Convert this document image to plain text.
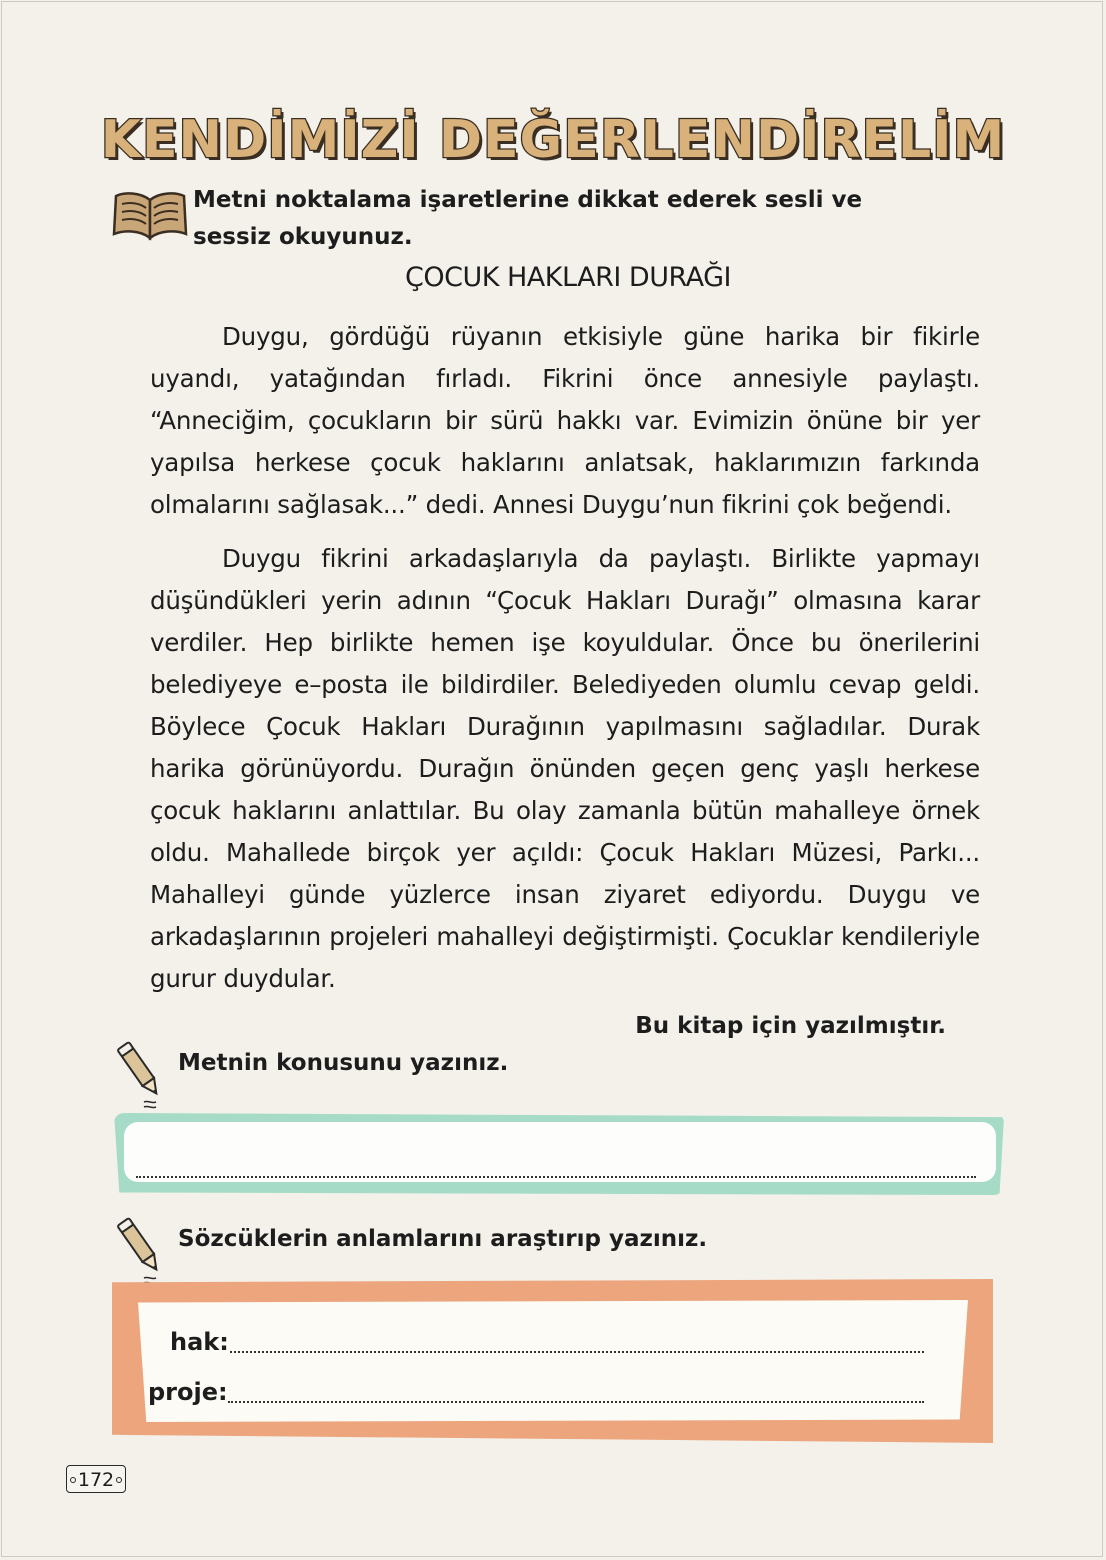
KENDİMİZİ DEĞERLENDİRELİM
Metni noktalama işaretlerine dikkat ederek sesli ve sessiz okuyunuz.
ÇOCUK HAKLARI DURAĞI

Duygu, gördüğü rüyanın etkisiyle güne harika bir fikirle uyandı, yatağından fırladı. Fikrini önce annesiyle paylaştı. “Anneciğim, çocukların bir sürü hakkı var. Evimizin önüne bir yer yapılsa herkese çocuk haklarını anlatsak, haklarımızın farkında olmalarını sağlasak...” dedi. Annesi Duygu’nun fikrini çok beğendi.

Duygu fikrini arkadaşlarıyla da paylaştı. Birlikte yapmayı düşündükleri yerin adının “Çocuk Hakları Durağı” olmasına karar verdiler. Hep birlikte hemen işe koyuldular. Önce bu önerilerini belediyeye e–posta ile bildirdiler. Belediyeden olumlu cevap geldi. Böylece Çocuk Hakları Durağının yapılmasını sağladılar. Durak harika görünüyordu. Durağın önünden geçen genç yaşlı herkese çocuk haklarını anlattılar. Bu olay zamanla bütün mahalleye örnek oldu. Mahallede birçok yer açıldı: Çocuk Hakları Müzesi, Parkı... Mahalleyi günde yüzlerce insan ziyaret ediyordu. Duygu ve arkadaşlarının projeleri mahalleyi değiştirmişti. Çocuklar kendileriyle gurur duydular.

Bu kitap için yazılmıştır.
Metnin konusunu yazınız.
Sözcüklerin anlamlarını araştırıp yazınız.
hak:
proje:
172
